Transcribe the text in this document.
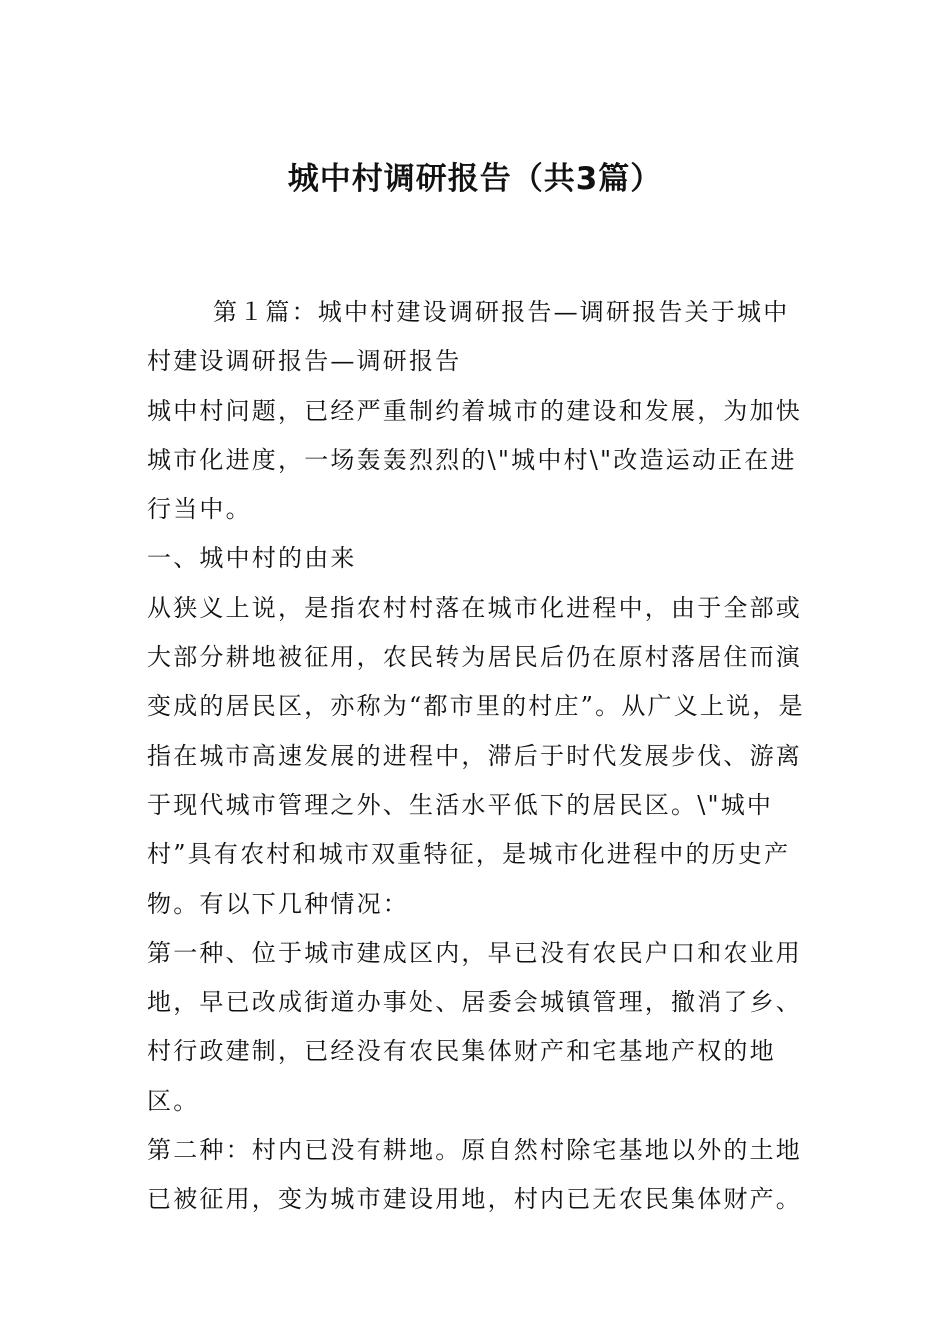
城中村调研报告（共3篇）

第１篇：城中村建设调研报告—调研报告关于城中村建设调研报告—调研报告

城中村问题，已经严重制约着城市的建设和发展，为加快城市化进度，一场轰轰烈烈的\"城中村\"改造运动正在进行当中。

一、城中村的由来

从狭义上说，是指农村村落在城市化进程中，由于全部或大部分耕地被征用，农民转为居民后仍在原村落居住而演变成的居民区，亦称为“都市里的村庄”。从广义上说，是指在城市高速发展的进程中，滞后于时代发展步伐、游离于现代城市管理之外、生活水平低下的居民区。\"城中村”具有农村和城市双重特征，是城市化进程中的历史产物。有以下几种情况：

第一种、位于城市建成区内，早已没有农民户口和农业用地，早已改成街道办事处、居委会城镇管理，撤消了乡、村行政建制，已经没有农民集体财产和宅基地产权的地区。

第二种：村内已没有耕地。原自然村除宅基地以外的土地已被征用，变为城市建设用地，村内已无农民集体财产。
